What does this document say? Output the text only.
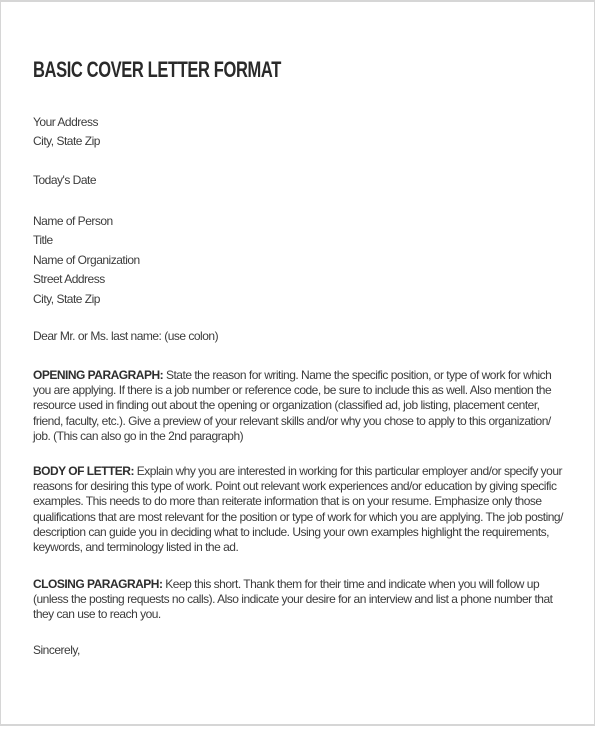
BASIC COVER LETTER FORMAT
Your Address
City, State Zip
Today's Date
Name of Person
Title
Name of Organization
Street Address
City, State Zip
Dear Mr. or Ms. last name: (use colon)
OPENING PARAGRAPH: State the reason for writing. Name the specific position, or type of work for which
you are applying. If there is a job number or reference code, be sure to include this as well. Also mention the
resource used in finding out about the opening or organization (classified ad, job listing, placement center,
friend, faculty, etc.). Give a preview of your relevant skills and/or why you chose to apply to this organization/
job. (This can also go in the 2nd paragraph)
BODY OF LETTER: Explain why you are interested in working for this particular employer and/or specify your
reasons for desiring this type of work. Point out relevant work experiences and/or education by giving specific
examples. This needs to do more than reiterate information that is on your resume. Emphasize only those
qualifications that are most relevant for the position or type of work for which you are applying. The job posting/
description can guide you in deciding what to include. Using your own examples highlight the requirements,
keywords, and terminology listed in the ad.
CLOSING PARAGRAPH: Keep this short. Thank them for their time and indicate when you will follow up
(unless the posting requests no calls). Also indicate your desire for an interview and list a phone number that
they can use to reach you.
Sincerely,
